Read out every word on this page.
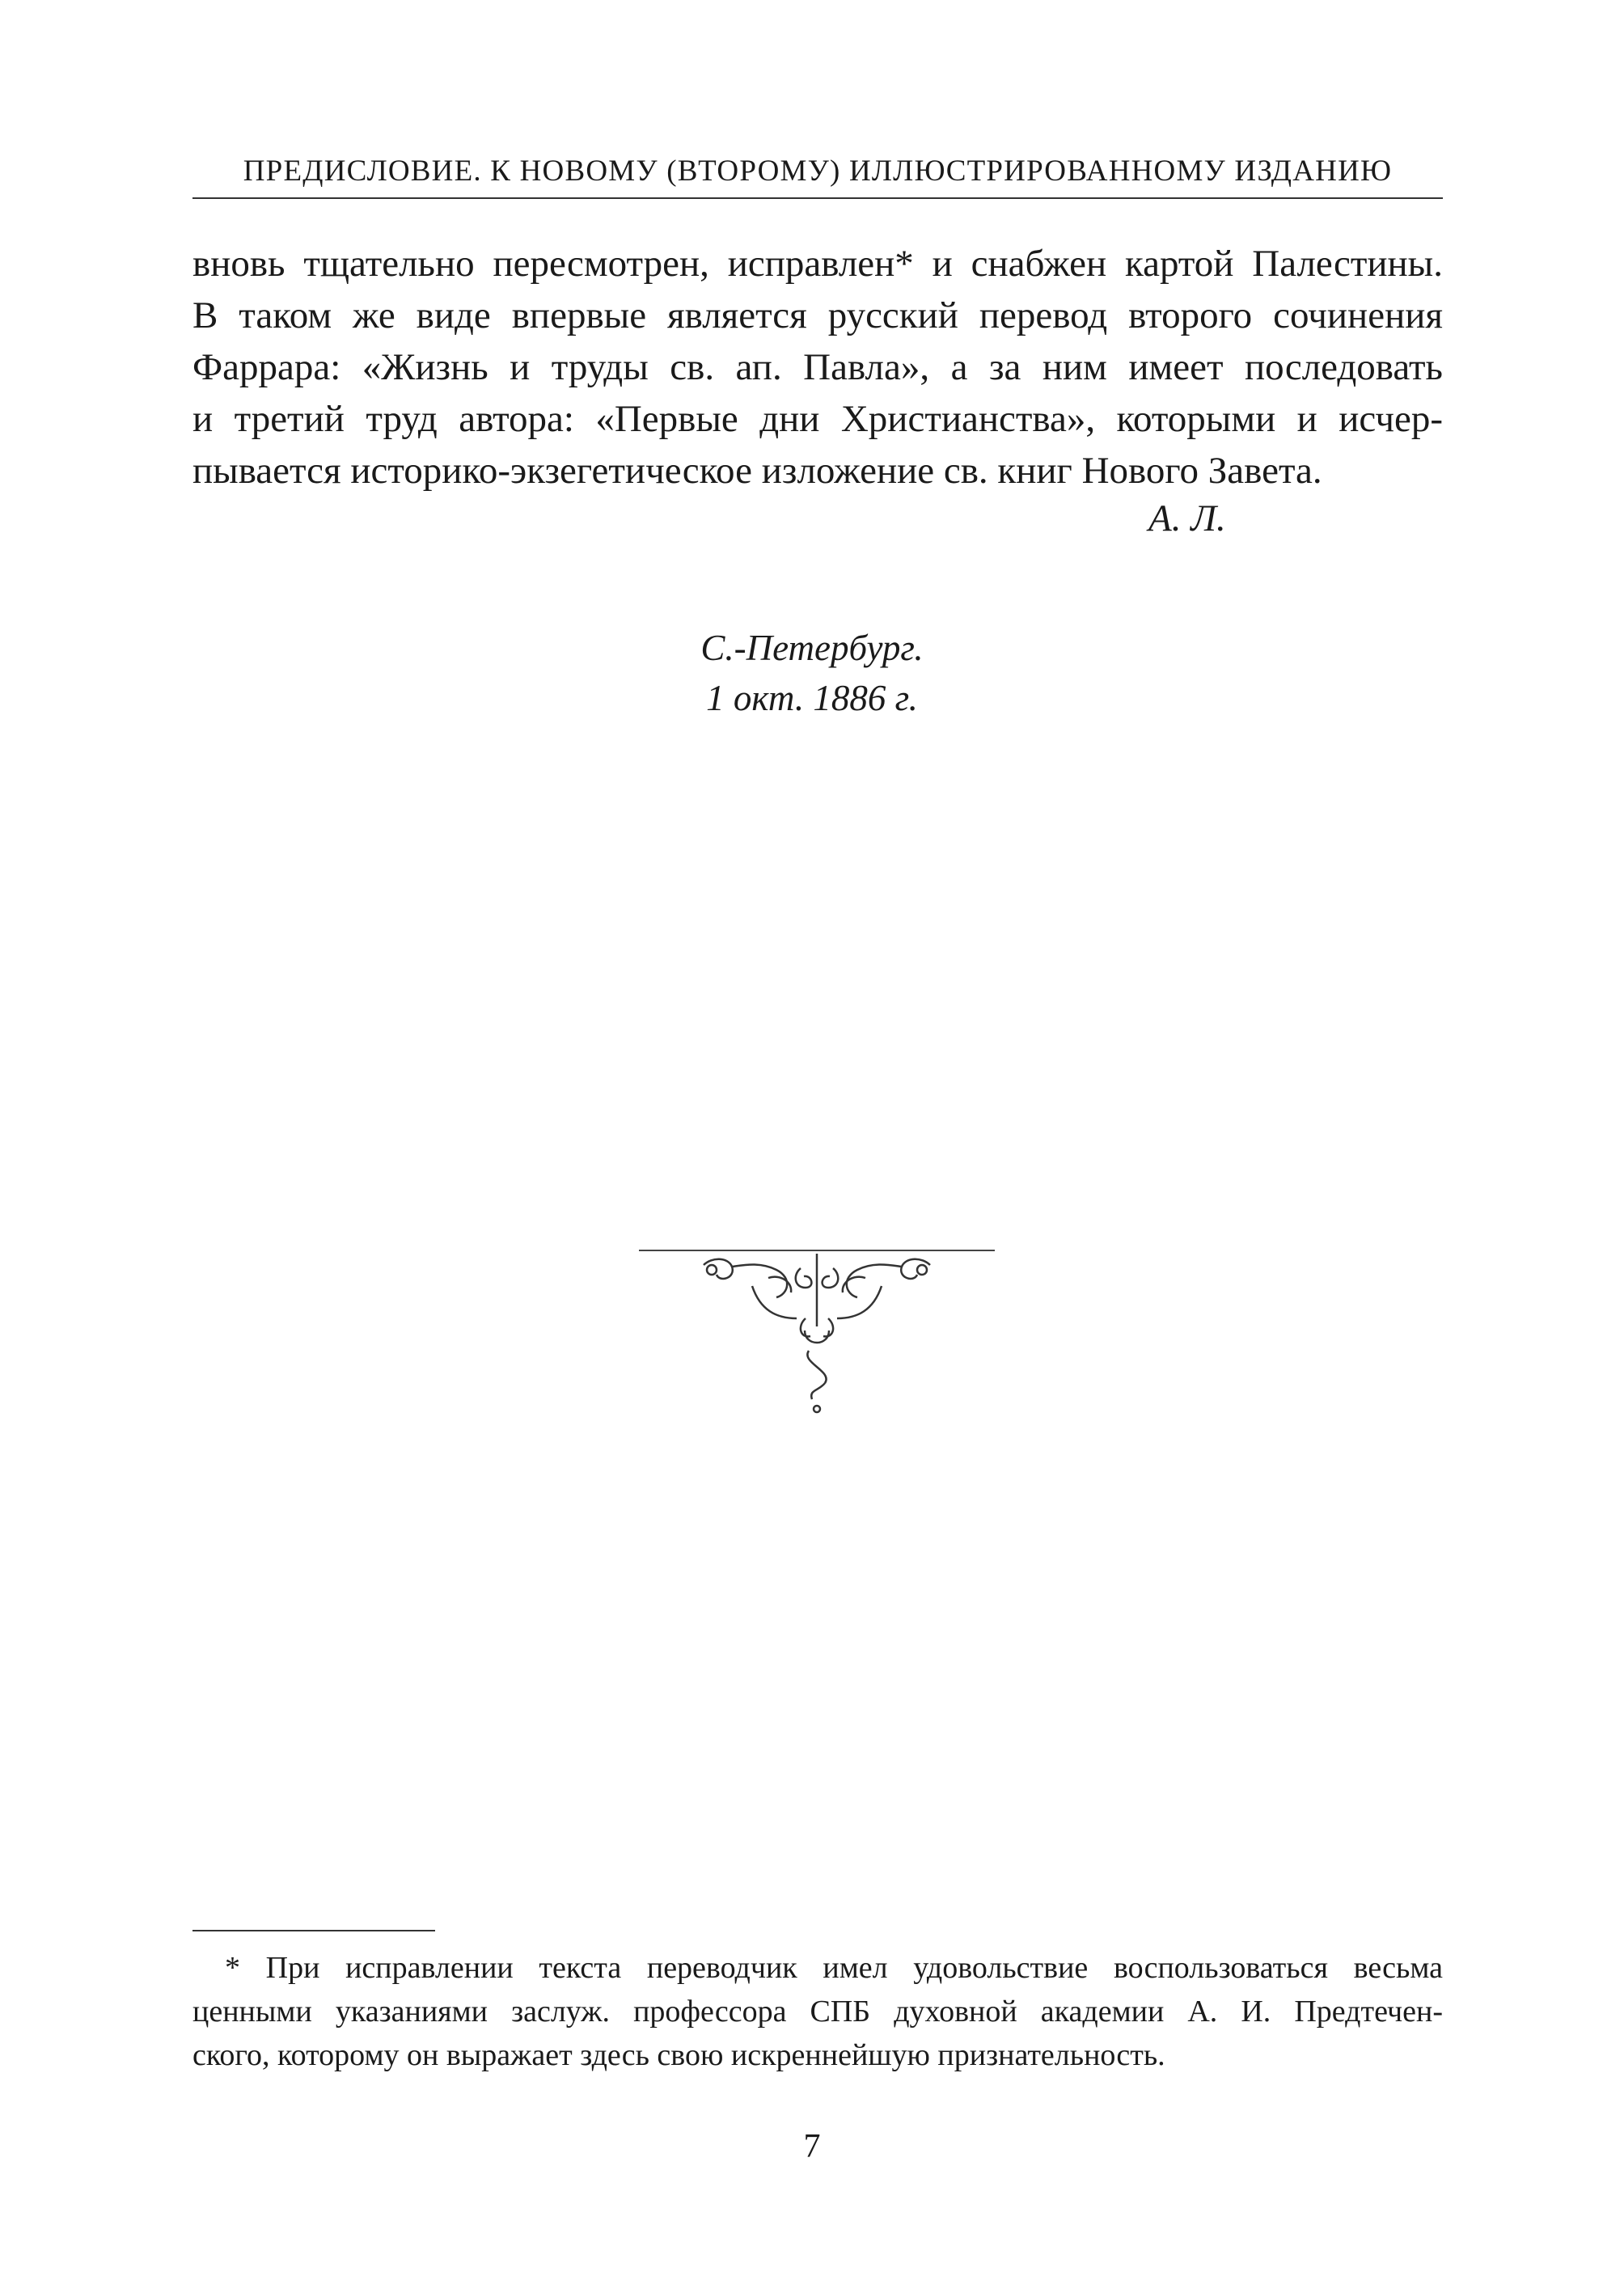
ПРЕДИСЛОВИЕ. К НОВОМУ (ВТОРОМУ) ИЛЛЮСТРИРОВАННОМУ ИЗДАНИЮ
вновь тщательно пересмотрен, исправлен* и снабжен картой Палестины.
В таком же виде впервые является русский перевод второго сочинения
Фаррара: «Жизнь и труды св. ап. Павла», а за ним имеет последовать
и третий труд автора: «Первые дни Христианства», которыми и исчер-
пывается историко-экзегетическое изложение св. книг Нового Завета.
А. Л.
С.-Петербург.
1 окт. 1886 г.
* При исправлении текста переводчик имел удовольствие воспользоваться весьма
ценными указаниями заслуж. профессора СПБ духовной академии А. И. Предтечен-
ского, которому он выражает здесь свою искреннейшую признательность.
7
